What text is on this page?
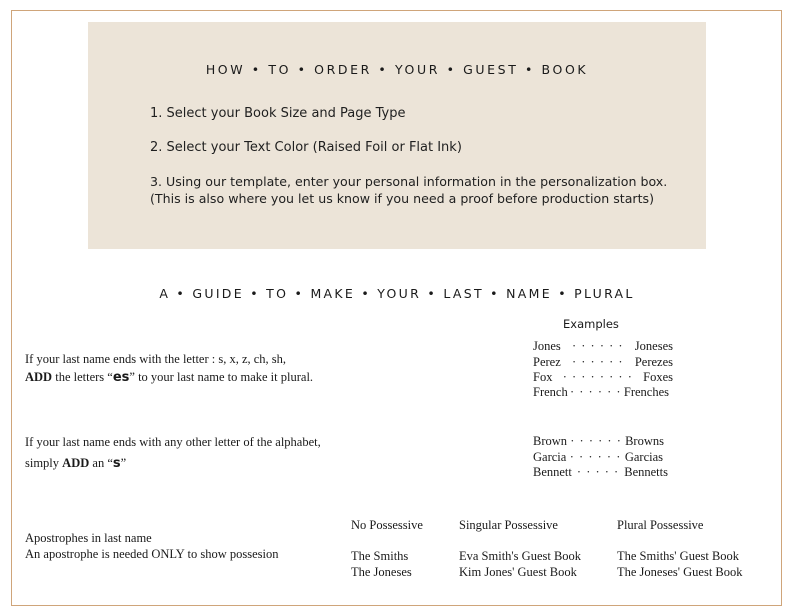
HOW • TO • ORDER • YOUR • GUEST • BOOK
1. Select your Book Size and Page Type
2. Select your Text Color (Raised Foil or Flat Ink)
3. Using our template, enter your personal information in the personalization box.
(This is also where you let us know if you need a proof before production starts)
A • GUIDE • TO • MAKE • YOUR • LAST • NAME • PLURAL
If your last name ends with the letter : s, x, z, ch, sh,
ADD the letters “es” to your last name to make it plural.
Examples
Jones · · · · · · Joneses
Perez · · · · · · Perezes
Fox · · · · · · · · Foxes
French · · · · · · Frenches
If your last name ends with any other letter of the alphabet,
simply ADD an “s”
Brown · · · · · · Browns
Garcia · · · · · · Garcias
Bennett · · · · · Bennetts
Apostrophes in last name
An apostrophe is needed ONLY to show possesion
No Possessive	Singular Possessive	Plural Possessive
The Smiths	Eva Smith's Guest Book	The Smiths' Guest Book
The Joneses	Kim Jones' Guest Book	The Joneses' Guest Book
